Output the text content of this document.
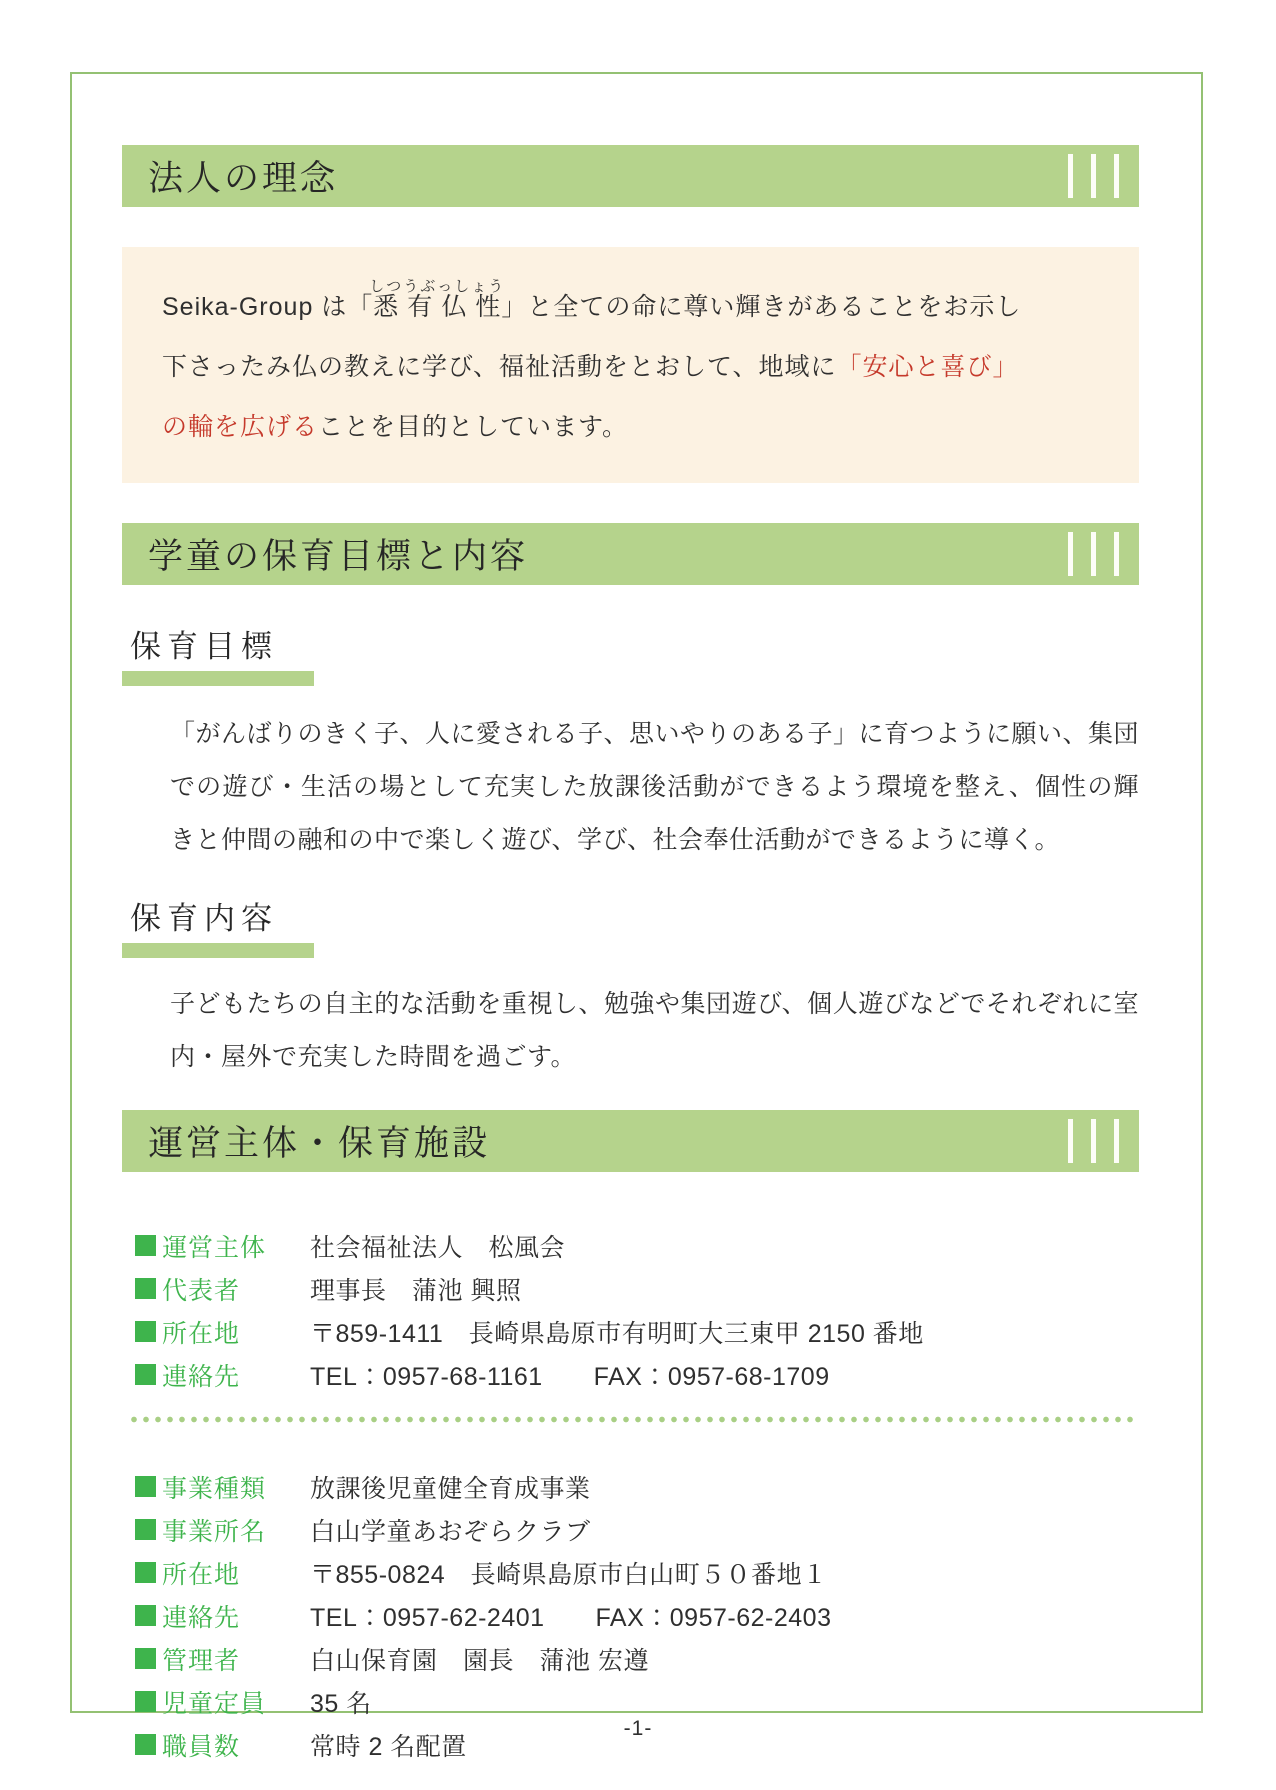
法人の理念

Seika-Group は「悉有仏性しつうぶっしょう」と全ての命に尊い輝きがあることをお示し

下さったみ仏の教えに学び、福祉活動をとおして、地域に「安心と喜び」

の輪を広げることを目的としています。

学童の保育目標と内容
保育目標

「がんばりのきく子、人に愛される子、思いやりのある子」に育つように願い、集団での遊び・生活の場として充実した放課後活動ができるよう環境を整え、個性の輝きと仲間の融和の中で楽しく遊び、学び、社会奉仕活動ができるように導く。

保育内容

子どもたちの自主的な活動を重視し、勉強や集団遊び、個人遊びなどでそれぞれに室内・屋外で充実した時間を過ごす。

運営主体・保育施設
運営主体 社会福祉法人　松風会
代表者	理事長　蒲池 興照
所在地	〒859-1411　長崎県島原市有明町大三東甲 2150 番地
連絡先	TEL：0957-68-1161　　FAX：0957-68-1709
事業種類 放課後児童健全育成事業
事業所名 白山学童あおぞらクラブ
所在地	〒855-0824　長崎県島原市白山町５０番地１
連絡先	TEL：0957-62-2401　　FAX：0957-62-2403
管理者	白山保育園　園長　蒲池 宏遵
児童定員 35 名
職員数	常時 2 名配置
-1-
